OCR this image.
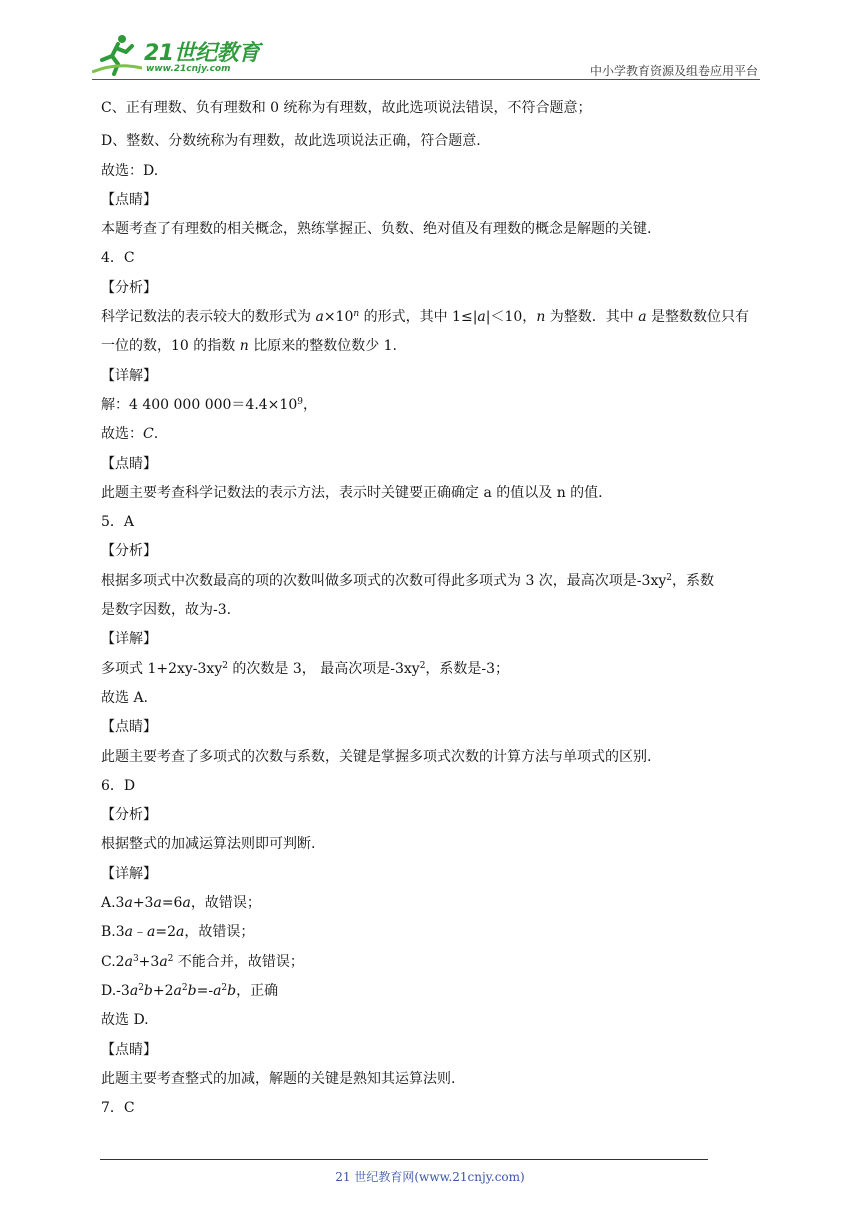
21世纪教育
www.21cnjy.com	中小学教育资源及组卷应用平台
C、正有理数、负有理数和 0 统称为有理数，故此选项说法错误，不符合题意；
D、整数、分数统称为有理数，故此选项说法正确，符合题意.
故选：D.
【点睛】
本题考查了有理数的相关概念，熟练掌握正、负数、绝对值及有理数的概念是解题的关键.
4．C
【分析】
科学记数法的表示较大的数形式为 $a\times 10^n$ 的形式，其中 1≤|a|＜10，n 为整数．其中 a 是整数数位只有
一位的数，10 的指数 n 比原来的整数位数少 1.
【详解】
解：4 400 000 $000=4.4\times 10^9$，
故选：C.
【点睛】
此题主要考查科学记数法的表示方法，表示时关键要正确确定 a 的值以及 n 的值.
5．A
【分析】
根据多项式中次数最高的项的次数叫做多项式的次数可得此多项式为 3 次，最高次项是$-3xy^2$，系数
是数字因数，故为-3.
【详解】
多项式 $1+2xy-3xy^2$ 的次数是 3， 最高次项是$-3xy^2$，系数是-3；
故选 A.
【点睛】
此题主要考查了多项式的次数与系数，关键是掌握多项式次数的计算方法与单项式的区别.
6．D
【分析】
根据整式的加减运算法则即可判断.
【详解】
A.3a+3a=6a，故错误；
B.3a﹣a=2a，故错误；
$C.2a^3+3a^2$ 不能合并，故错误；
$D.-3a^2b+2a^2b=-a^2b$，正确
故选 D.
【点睛】
此题主要考查整式的加减，解题的关键是熟知其运算法则.
7．C
21 世纪教育网(www.21cnjy.com)
